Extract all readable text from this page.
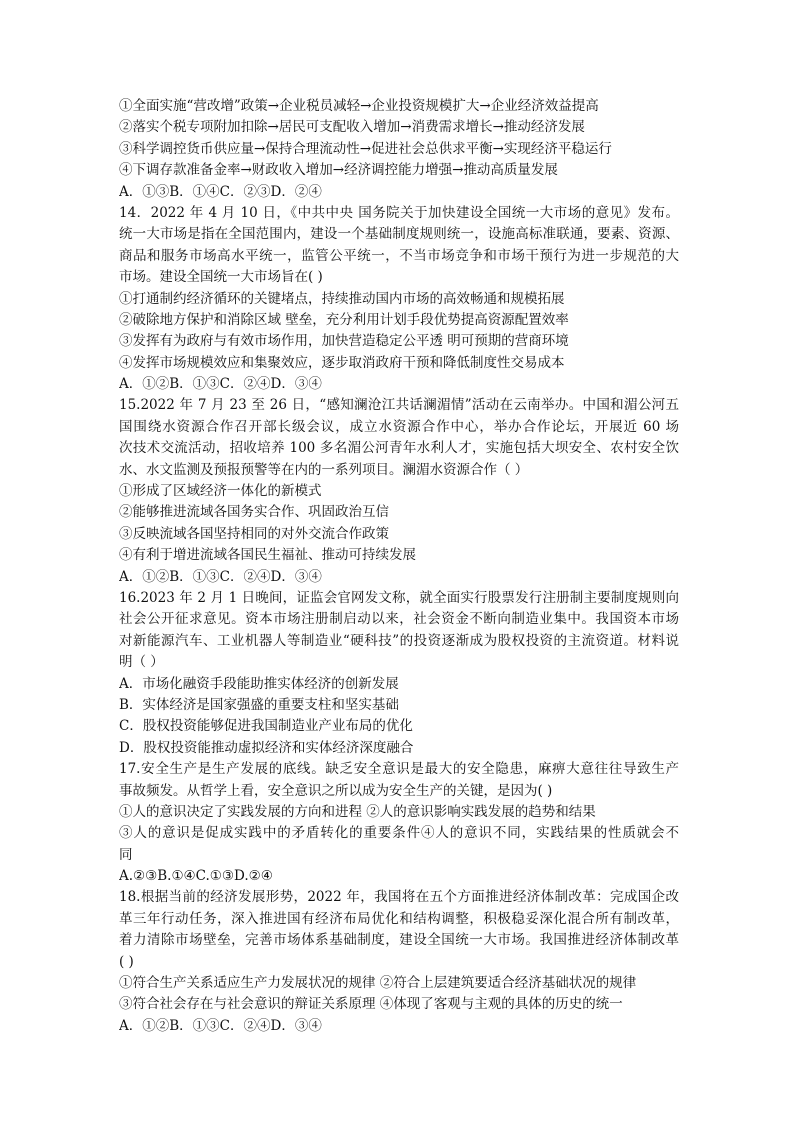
①全面实施“营改增”政策→企业税员减轻→企业投资规模扩大→企业经济效益提高
②落实个税专项附加扣除→居民可支配收入增加→消费需求增长→推动经济发展
③科学调控货币供应量→保持合理流动性→促进社会总供求平衡→实现经济平稳运行
④下调存款准备金率→财政收入增加→经济调控能力增强→推动高质量发展
A．①③B．①④C．②③D．②④
14．2022 年 4 月 10 日，《中共中央 国务院关于加快建设全国统一大市场的意见》发布。
统一大市场是指在全国范围内，建设一个基础制度规则统一，设施高标准联通，要素、资源、
商品和服务市场高水平统一，监管公平统一，不当市场竞争和市场干预行为进一步规范的大
市场。建设全国统一大市场旨在( )
①打通制约经济循环的关键堵点，持续推动国内市场的高效畅通和规模拓展
②破除地方保护和消除区域 壁垒，充分利用计划手段优势提高资源配置效率
③发挥有为政府与有效市场作用，加快营造稳定公平透 明可预期的营商环境
④发挥市场规模效应和集聚效应，逐步取消政府干预和降低制度性交易成本
A．①②B．①③C．②④D．③④
15.2022 年 7 月 23 至 26 日，“感知澜沧江共话澜湄情”活动在云南举办。中国和湄公河五
国围绕水资源合作召开部长级会议，成立水资源合作中心，举办合作论坛，开展近 60 场
次技术交流活动，招收培养 100 多名湄公河青年水利人才，实施包括大坝安全、农村安全饮
水、水文监测及预报预警等在内的一系列项目。澜湄水资源合作（ ）
①形成了区域经济一体化的新模式
②能够推进流域各国务实合作、巩固政治互信
③反映流域各国坚持相同的对外交流合作政策
④有利于增进流域各国民生福祉、推动可持续发展
A．①②B．①③C．②④D．③④
16.2023 年 2 月 1 日晚间，证监会官网发文称，就全面实行股票发行注册制主要制度规则向
社会公开征求意见。资本市场注册制启动以来，社会资金不断向制造业集中。我国资本市场
对新能源汽车、工业机器人等制造业“硬科技”的投资逐渐成为股权投资的主流资道。材料说
明（ ）
A．市场化融资手段能助推实体经济的创新发展
B．实体经济是国家强盛的重要支柱和坚实基础
C．股权投资能够促进我国制造业产业布局的优化
D．股权投资能推动虚拟经济和实体经济深度融合
17.安全生产是生产发展的底线。缺乏安全意识是最大的安全隐患，麻痹大意往往导致生产
事故频发。从哲学上看，安全意识之所以成为安全生产的关键，是因为( )
①人的意识决定了实践发展的方向和进程 ②人的意识影响实践发展的趋势和结果
③人的意识是促成实践中的矛盾转化的重要条件④人的意识不同，实践结果的性质就会不
同
A.②③B.①④C.①③D.②④
18.根据当前的经济发展形势，2022 年，我国将在五个方面推进经济体制改革：完成国企改
革三年行动任务，深入推进国有经济布局优化和结构调整，积极稳妥深化混合所有制改革，
着力清除市场壁垒，完善市场体系基础制度，建设全国统一大市场。我国推进经济体制改革
( )
①符合生产关系适应生产力发展状况的规律 ②符合上层建筑要适合经济基础状况的规律
③符合社会存在与社会意识的辩证关系原理 ④体现了客观与主观的具体的历史的统一
A．①②B．①③C．②④D．③④
